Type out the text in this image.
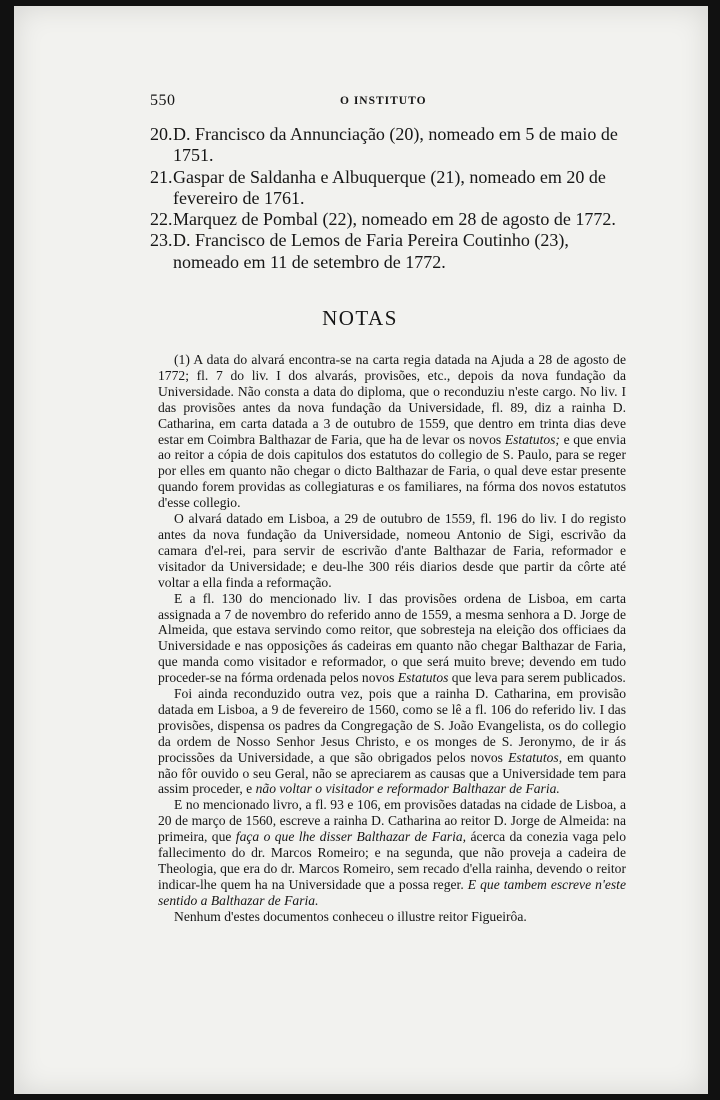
550	O INSTITUTO

20.D. Francisco da Annunciação (20), nomeado em 5 de maio de 1751.

21.Gaspar de Saldanha e Albuquerque (21), nomeado em 20 de fevereiro de 1761.

22.Marquez de Pombal (22), nomeado em 28 de agosto de 1772.

23.D. Francisco de Lemos de Faria Pereira Coutinho (23), nomeado em 11 de setembro de 1772.

NOTAS

(1) A data do alvará encontra-se na carta regia datada na Ajuda a 28 de agosto de 1772; fl. 7 do liv. I dos alvarás, provisões, etc., depois da nova fundação da Universidade. Não consta a data do diploma, que o reconduziu n'este cargo. No liv. I das provisões antes da nova fundação da Universidade, fl. 89, diz a rainha D. Catharina, em carta datada a 3 de outubro de 1559, que dentro em trinta dias deve estar em Coimbra Balthazar de Faria, que ha de levar os novos Estatutos; e que envia ao reitor a cópia de dois capitulos dos estatutos do collegio de S. Paulo, para se reger por elles em quanto não chegar o dicto Balthazar de Faria, o qual deve estar presente quando forem providas as collegiaturas e os familiares, na fórma dos novos estatutos d'esse collegio.

O alvará datado em Lisboa, a 29 de outubro de 1559, fl. 196 do liv. I do registo antes da nova fundação da Universidade, nomeou Antonio de Sigi, escrivão da camara d'el-rei, para servir de escrivão d'ante Balthazar de Faria, reformador e visitador da Universidade; e deu-lhe 300 réis diarios desde que partir da côrte até voltar a ella finda a reformação.

E a fl. 130 do mencionado liv. I das provisões ordena de Lisboa, em carta assignada a 7 de novembro do referido anno de 1559, a mesma senhora a D. Jorge de Almeida, que estava servindo como reitor, que sobresteja na eleição dos officiaes da Universidade e nas opposições ás cadeiras em quanto não chegar Balthazar de Faria, que manda como visitador e reformador, o que será muito breve; devendo em tudo proceder-se na fórma ordenada pelos novos Estatutos que leva para serem publicados.

Foi ainda reconduzido outra vez, pois que a rainha D. Catharina, em provisão datada em Lisboa, a 9 de fevereiro de 1560, como se lê a fl. 106 do referido liv. I das provisões, dispensa os padres da Congregação de S. João Evangelista, os do collegio da ordem de Nosso Senhor Jesus Christo, e os monges de S. Jeronymo, de ir ás procissões da Universidade, a que são obrigados pelos novos Estatutos, em quanto não fôr ouvido o seu Geral, não se apreciarem as causas que a Universidade tem para assim proceder, e não voltar o visitador e reformador Balthazar de Faria.

E no mencionado livro, a fl. 93 e 106, em provisões datadas na cidade de Lisboa, a 20 de março de 1560, escreve a rainha D. Catharina ao reitor D. Jorge de Almeida: na primeira, que faça o que lhe disser Balthazar de Faria, ácerca da conezia vaga pelo fallecimento do dr. Marcos Romeiro; e na segunda, que não proveja a cadeira de Theologia, que era do dr. Marcos Romeiro, sem recado d'ella rainha, devendo o reitor indicar-lhe quem ha na Universidade que a possa reger. E que tambem escreve n'este sentido a Balthazar de Faria.

Nenhum d'estes documentos conheceu o illustre reitor Figueirôa.
